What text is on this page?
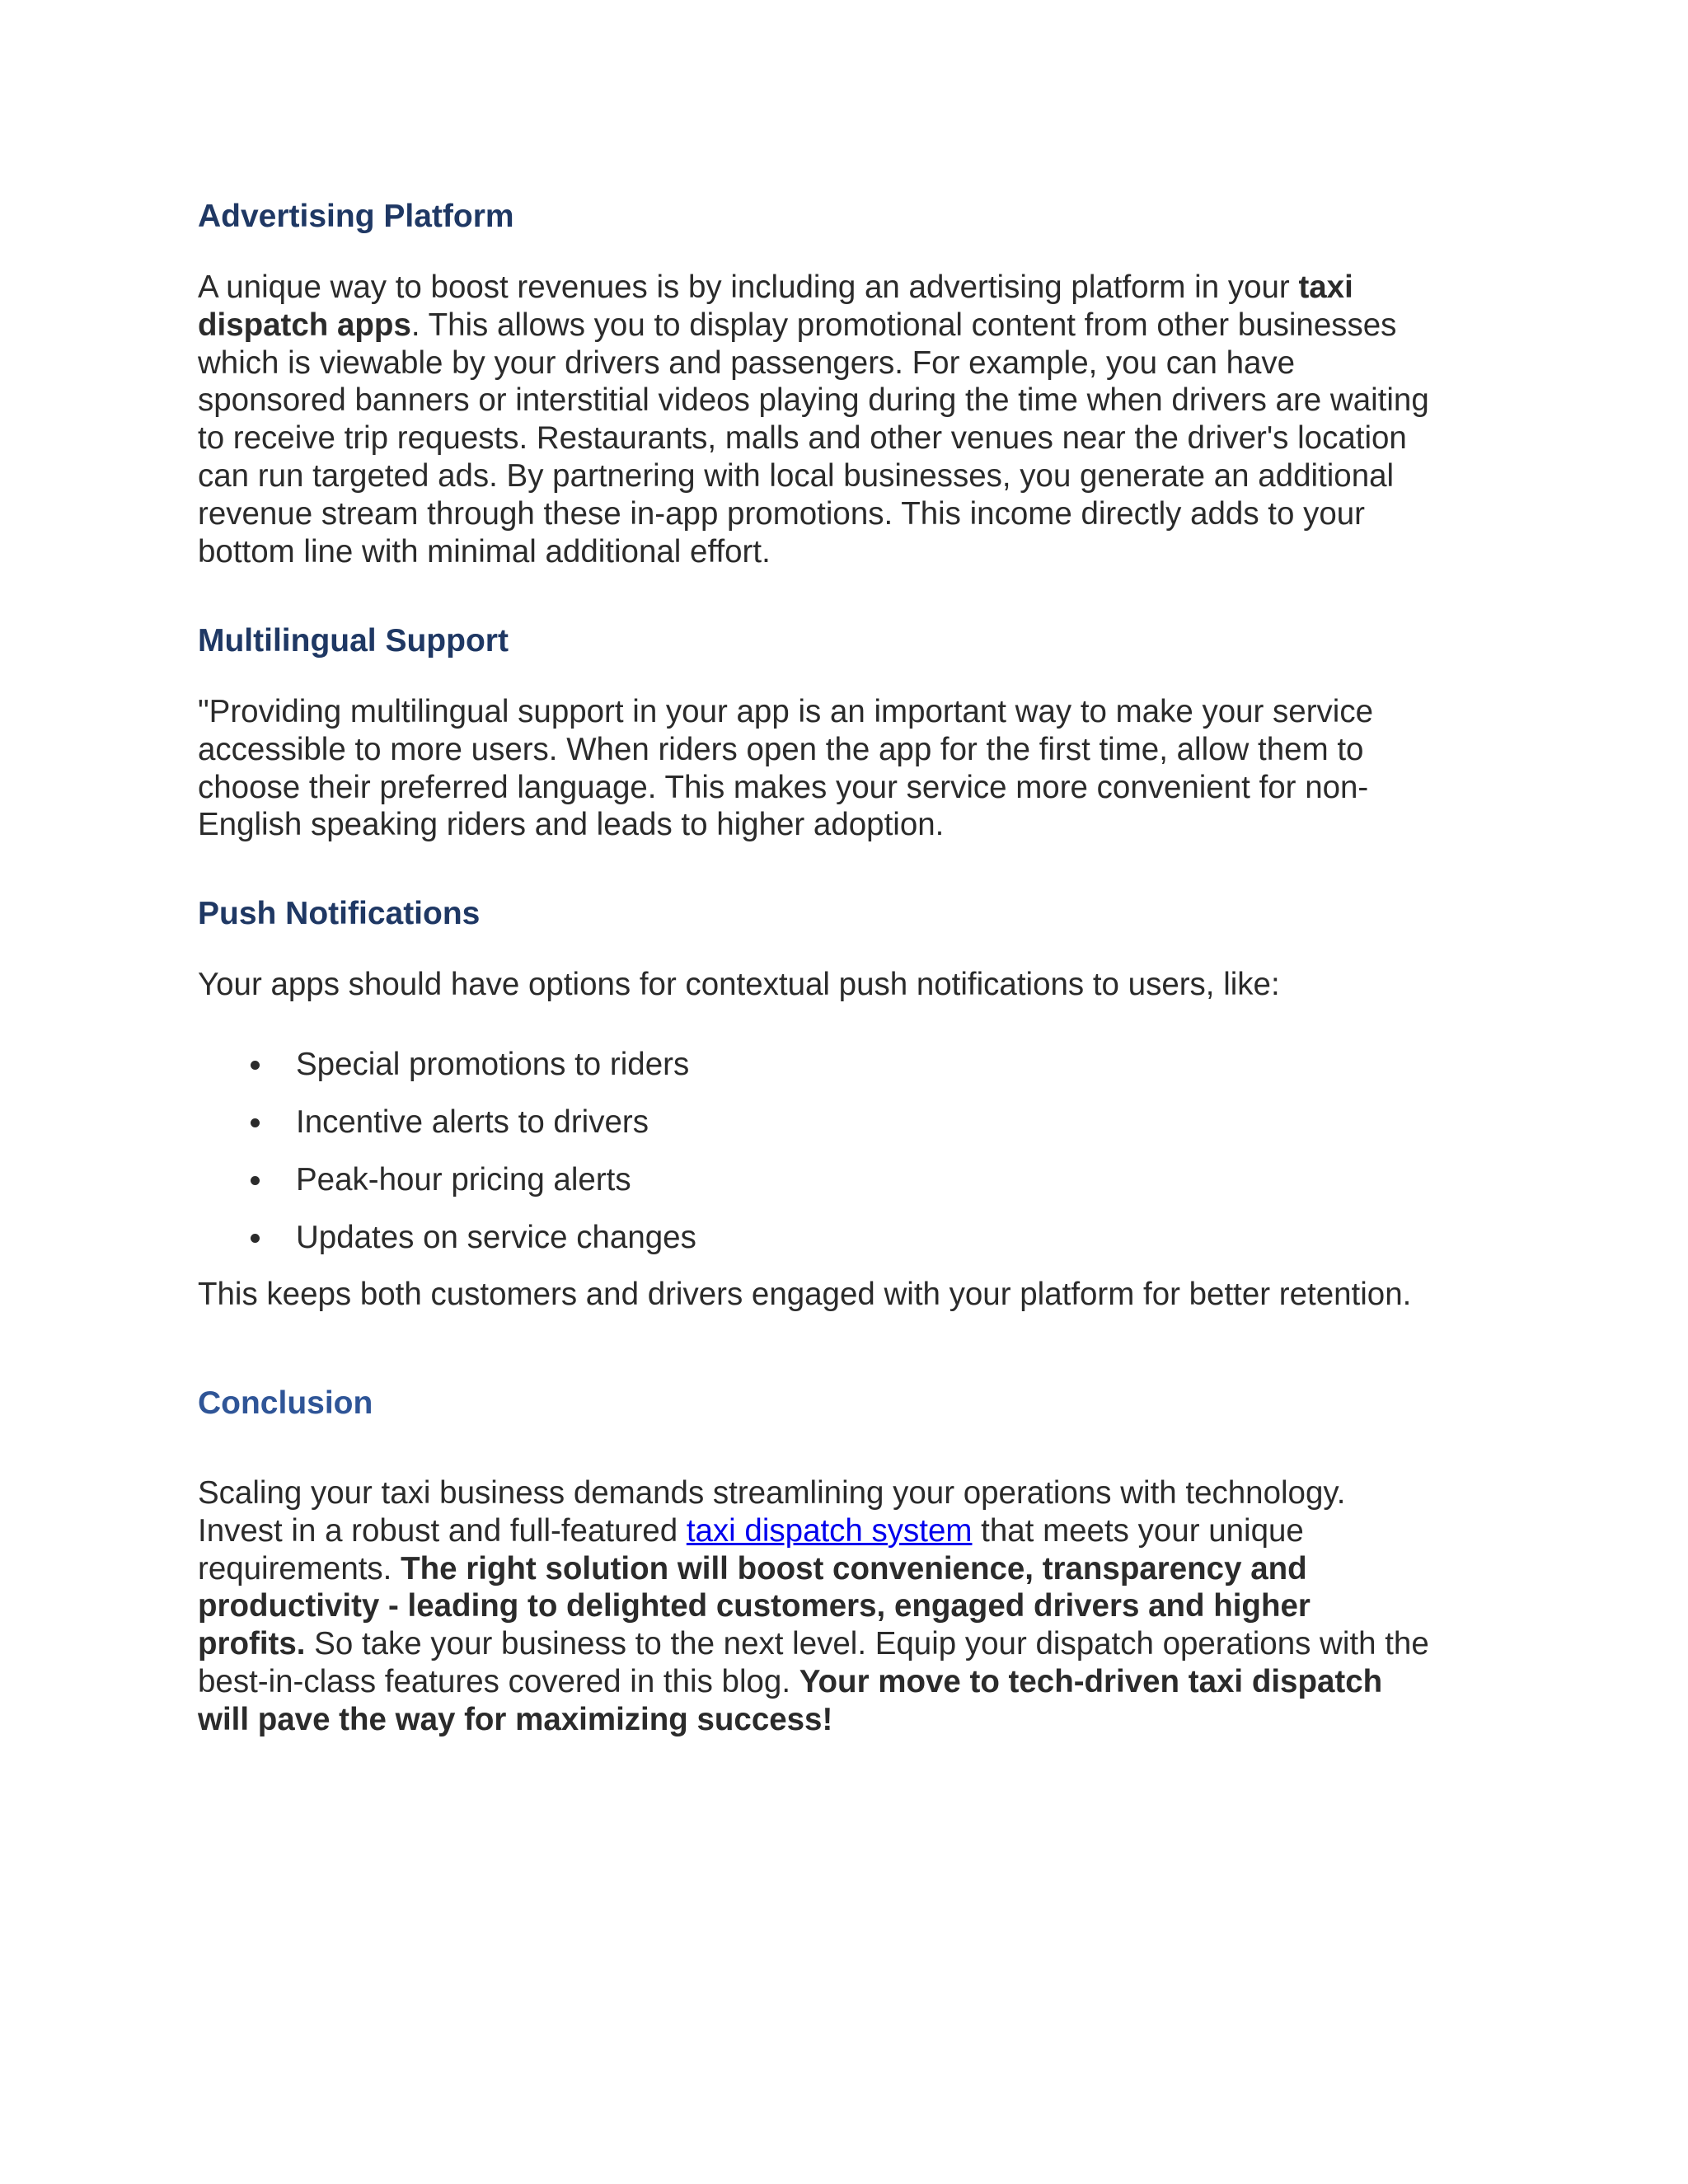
Advertising Platform

A unique way to boost revenues is by including an advertising platform in your taxi
dispatch apps. This allows you to display promotional content from other businesses
which is viewable by your drivers and passengers. For example, you can have
sponsored banners or interstitial videos playing during the time when drivers are waiting
to receive trip requests. Restaurants, malls and other venues near the driver's location
can run targeted ads. By partnering with local businesses, you generate an additional
revenue stream through these in-app promotions. This income directly adds to your
bottom line with minimal additional effort.

Multilingual Support

"Providing multilingual support in your app is an important way to make your service
accessible to more users. When riders open the app for the first time, allow them to
choose their preferred language. This makes your service more convenient for non-
English speaking riders and leads to higher adoption.

Push Notifications

Your apps should have options for contextual push notifications to users, like:

Special promotions to riders
Incentive alerts to drivers
Peak-hour pricing alerts
Updates on service changes

This keeps both customers and drivers engaged with your platform for better retention.

Conclusion

Scaling your taxi business demands streamlining your operations with technology.
Invest in a robust and full-featured taxi dispatch system that meets your unique
requirements. The right solution will boost convenience, transparency and
productivity - leading to delighted customers, engaged drivers and higher
profits. So take your business to the next level. Equip your dispatch operations with the
best-in-class features covered in this blog. Your move to tech-driven taxi dispatch
will pave the way for maximizing success!
